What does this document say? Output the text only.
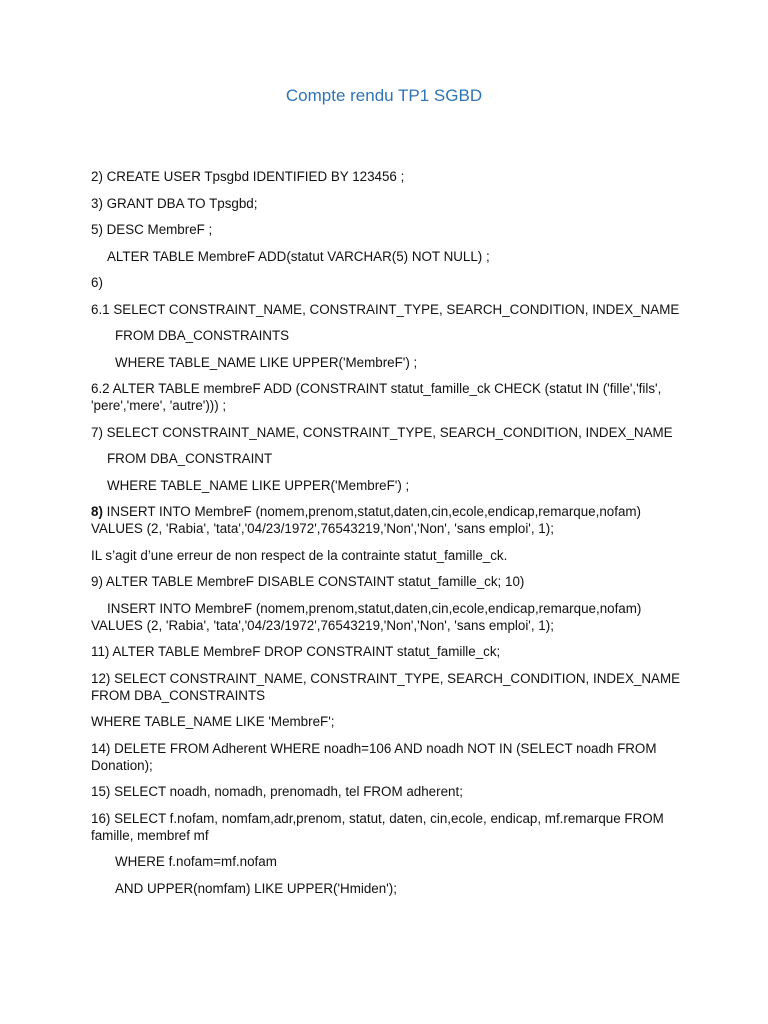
Compte rendu TP1 SGBD

2) CREATE USER Tpsgbd IDENTIFIED BY 123456 ;

3) GRANT DBA TO Tpsgbd;

5) DESC MembreF ;

ALTER TABLE MembreF ADD(statut VARCHAR(5) NOT NULL) ;

6)

6.1 SELECT CONSTRAINT_NAME, CONSTRAINT_TYPE, SEARCH_CONDITION, INDEX_NAME

FROM DBA_CONSTRAINTS

WHERE TABLE_NAME LIKE UPPER('MembreF') ;

6.2 ALTER TABLE membreF ADD (CONSTRAINT statut_famille_ck CHECK (statut IN ('fille','fils', 'pere','mere', 'autre'))) ;

7) SELECT CONSTRAINT_NAME, CONSTRAINT_TYPE, SEARCH_CONDITION, INDEX_NAME

FROM DBA_CONSTRAINT

WHERE TABLE_NAME LIKE UPPER('MembreF') ;

8) INSERT INTO MembreF (nomem,prenom,statut,daten,cin,ecole,endicap,remarque,nofam) VALUES (2, 'Rabia', 'tata','04/23/1972',76543219,'Non','Non', 'sans emploi', 1);

IL s’agit d’une erreur de non respect de la contrainte statut_famille_ck.

9) ALTER TABLE MembreF DISABLE CONSTAINT statut_famille_ck; 10)

INSERT INTO MembreF (nomem,prenom,statut,daten,cin,ecole,endicap,remarque,nofam)
VALUES (2, 'Rabia', 'tata','04/23/1972',76543219,'Non','Non', 'sans emploi', 1);

11) ALTER TABLE MembreF DROP CONSTRAINT statut_famille_ck;

12) SELECT CONSTRAINT_NAME, CONSTRAINT_TYPE, SEARCH_CONDITION, INDEX_NAME FROM DBA_CONSTRAINTS

WHERE TABLE_NAME LIKE 'MembreF';

14) DELETE FROM Adherent WHERE noadh=106 AND noadh NOT IN (SELECT noadh FROM Donation);

15) SELECT noadh, nomadh, prenomadh, tel FROM adherent;

16) SELECT f.nofam, nomfam,adr,prenom, statut, daten, cin,ecole, endicap, mf.remarque FROM famille, membref mf

WHERE f.nofam=mf.nofam

AND UPPER(nomfam) LIKE UPPER('Hmiden');
